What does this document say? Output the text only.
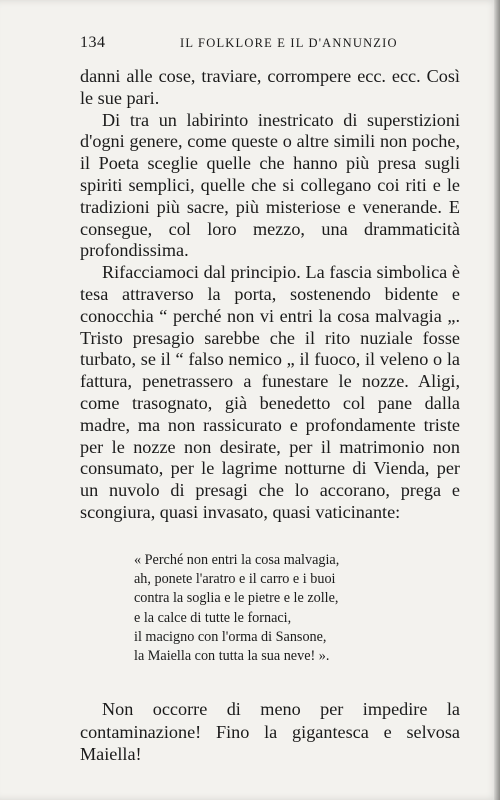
134	IL FOLKLORE E IL D'ANNUNZIO

danni alle cose, traviare, corrompere ecc. ecc. Così le sue pari.

Di tra un labirinto inestricato di superstizioni d'ogni genere, come queste o altre simili non poche, il Poeta sceglie quelle che hanno più presa sugli spiriti semplici, quelle che si collegano coi riti e le tradizioni più sacre, più misteriose e venerande. E consegue, col loro mezzo, una drammaticità profondissima.

Rifacciamoci dal principio. La fascia simbolica è tesa attraverso la porta, sostenendo bidente e conocchia “ perché non vi entri la cosa malvagia „. Tristo presagio sarebbe che il rito nuziale fosse turbato, se il “ falso nemico „ il fuoco, il veleno o la fattura, penetrassero a funestare le nozze. Aligi, come trasognato, già benedetto col pane dalla madre, ma non rassicurato e profondamente triste per le nozze non desirate, per il matrimonio non consumato, per le lagrime notturne di Vienda, per un nuvolo di presagi che lo accorano, prega e scongiura, quasi invasato, quasi vaticinante:

« Perché non entri la cosa malvagia,
ah, ponete l'aratro e il carro e i buoi
contra la soglia e le pietre e le zolle,
e la calce di tutte le fornaci,
il macigno con l'orma di Sansone,
la Maiella con tutta la sua neve! ».

Non occorre di meno per impedire la contaminazione! Fino la gigantesca e selvosa Maiella!
